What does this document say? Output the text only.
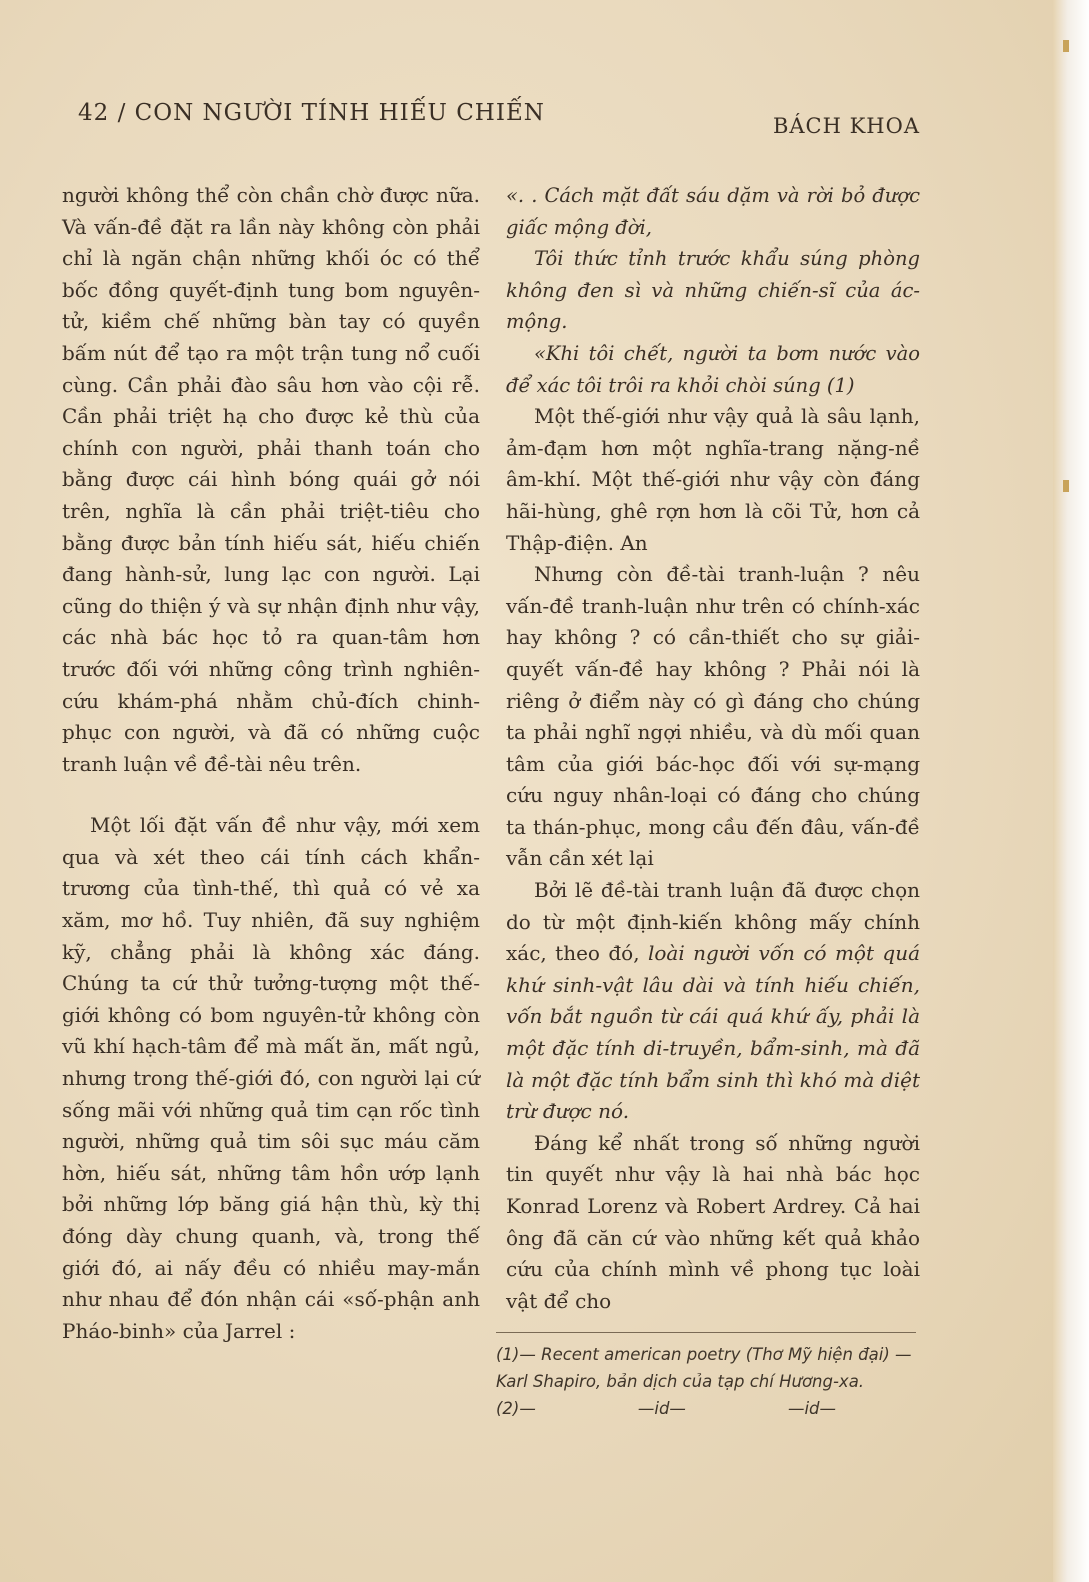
42 / CON NGƯỜI TÍNH HIẾU CHIẾN	BÁCH KHOA

người không thể còn chần chờ được nữa. Và vấn-đề đặt ra lần này không còn phải chỉ là ngăn chận những khối óc có thể bốc đồng quyết-định tung bom nguyên-tử, kiềm chế những bàn tay có quyền bấm nút để tạo ra một trận tung nổ cuối cùng. Cần phải đào sâu hơn vào cội rễ. Cần phải triệt hạ cho được kẻ thù của chính con người, phải thanh toán cho bằng được cái hình bóng quái gở nói trên, nghĩa là cần phải triệt-tiêu cho bằng được bản tính hiếu sát, hiếu chiến đang hành-sử, lung lạc con người. Lại cũng do thiện ý và sự nhận định như vậy, các nhà bác học tỏ ra quan-tâm hơn trước đối với những công trình nghiên-cứu khám-phá nhằm chủ-đích chinh-phục con người, và đã có những cuộc tranh luận về đề-tài nêu trên.

Một lối đặt vấn đề như vậy, mới xem qua và xét theo cái tính cách khẩn-trương của tình-thế, thì quả có vẻ xa xăm, mơ hồ. Tuy nhiên, đã suy nghiệm kỹ, chẳng phải là không xác đáng. Chúng ta cứ thử tưởng-tượng một thế-giới không có bom nguyên-tử không còn vũ khí hạch-tâm để mà mất ăn, mất ngủ, nhưng trong thế-giới đó, con người lại cứ sống mãi với những quả tim cạn rốc tình người, những quả tim sôi sục máu căm hờn, hiếu sát, những tâm hồn ướp lạnh bởi những lớp băng giá hận thù, kỳ thị đóng dày chung quanh, và, trong thế giới đó, ai nấy đều có nhiều may-mắn như nhau để đón nhận cái «số-phận anh Pháo-binh» của Jarrel :

«. . Cách mặt đất sáu dặm và rời bỏ được giấc mộng đời,

Tôi thức tỉnh trước khẩu súng phòng không đen sì và những chiến-sĩ của ác-mộng.

«Khi tôi chết, người ta bơm nước vào để xác tôi trôi ra khỏi chòi súng (1)

Một thế-giới như vậy quả là sâu lạnh, ảm-đạm hơn một nghĩa-trang nặng-nề âm-khí. Một thế-giới như vậy còn đáng hãi-hùng, ghê rợn hơn là cõi Tử, hơn cả Thập-điện. An

Nhưng còn đề-tài tranh-luận ? nêu vấn-đề tranh-luận như trên có chính-xác hay không ? có cần-thiết cho sự giải-quyết vấn-đề hay không ? Phải nói là riêng ở điểm này có gì đáng cho chúng ta phải nghĩ ngợi nhiều, và dù mối quan tâm của giới bác-học đối với sự-mạng cứu nguy nhân-loại có đáng cho chúng ta thán-phục, mong cầu đến đâu, vấn-đề vẫn cần xét lại

Bởi lẽ đề-tài tranh luận đã được chọn do từ một định-kiến không mấy chính xác, theo đó, loài người vốn có một quá khứ sinh-vật lâu dài và tính hiếu chiến, vốn bắt nguồn từ cái quá khứ ấy, phải là một đặc tính di-truyền, bẩm-sinh, mà đã là một đặc tính bẩm sinh thì khó mà diệt trừ được nó.

Đáng kể nhất trong số những người tin quyết như vậy là hai nhà bác học Konrad Lorenz và Robert Ardrey. Cả hai ông đã căn cứ vào những kết quả khảo cứu của chính mình về phong tục loài vật để cho

(1)— Recent american poetry (Thơ Mỹ hiện đại) — Karl Shapiro, bản dịch của tạp chí Hương-xa.

(2)—	—id—	—id—
